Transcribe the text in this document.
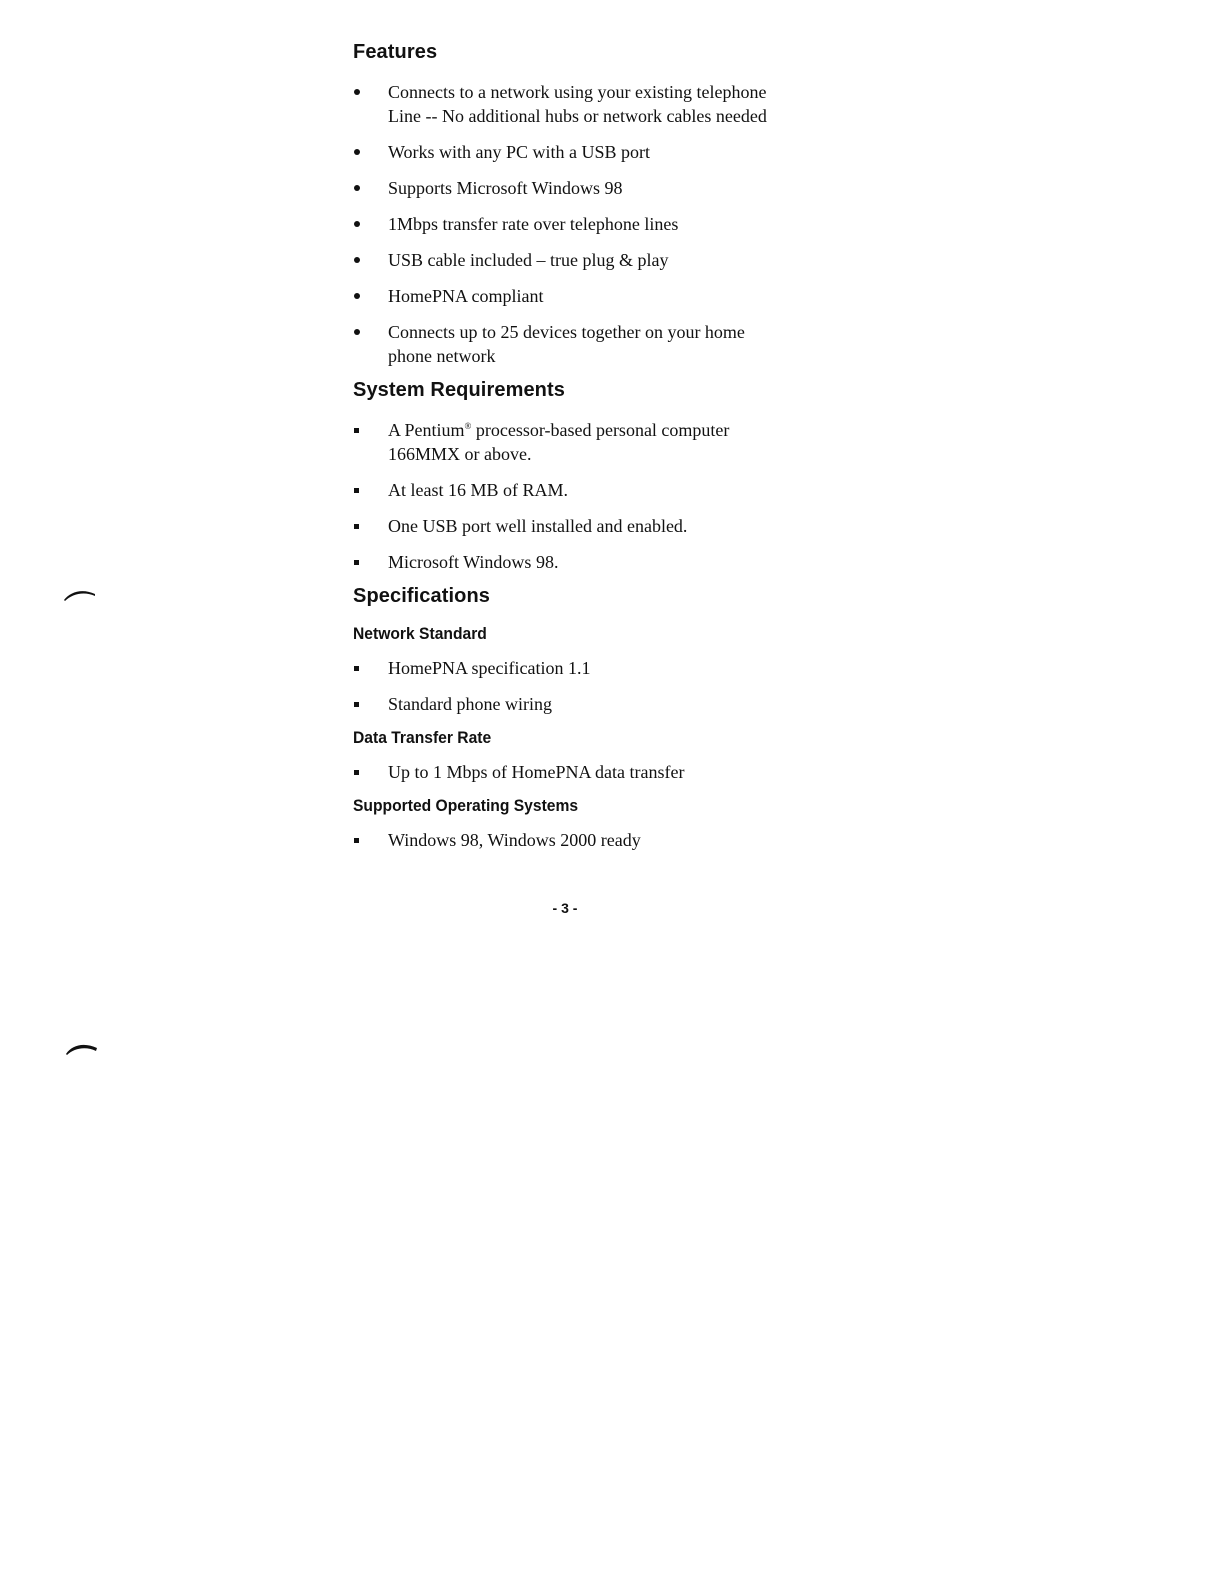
Features
Connects to a network using your existing telephone Line -- No additional hubs or network cables needed
Works with any PC with a USB port
Supports Microsoft Windows 98
1Mbps transfer rate over telephone lines
USB cable included – true plug & play
HomePNA compliant
Connects up to 25 devices together on your home phone network
System Requirements
A Pentium® processor-based personal computer 166MMX or above.
At least 16 MB of RAM.
One USB port well installed and enabled.
Microsoft Windows 98.
Specifications
Network Standard
HomePNA specification 1.1
Standard phone wiring
Data Transfer Rate
Up to 1 Mbps of HomePNA data transfer
Supported Operating Systems
Windows 98, Windows 2000 ready
- 3 -
